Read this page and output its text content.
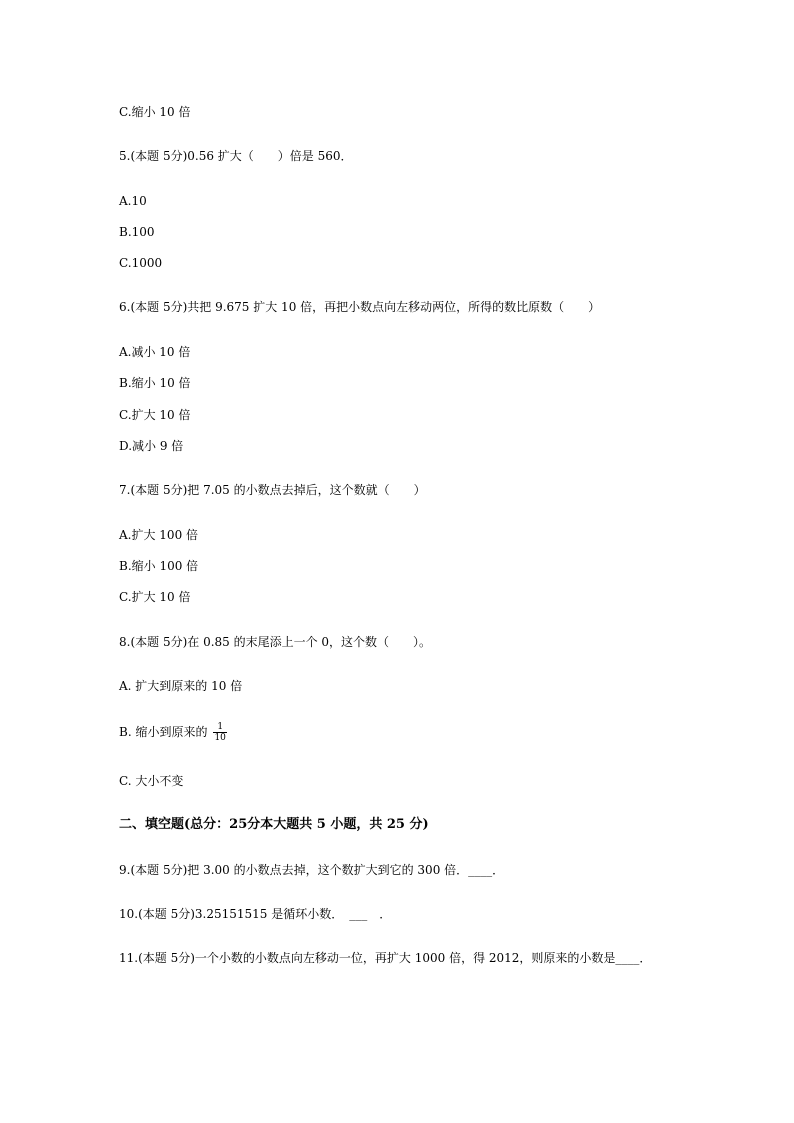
C.缩小 10 倍
5.(本题 5分)0.56 扩大（　　）倍是 560．
A.10
B.100
C.1000
6.(本题 5分)共把 9.675 扩大 10 倍，再把小数点向左移动两位，所得的数比原数（　　）
A.减小 10 倍
B.缩小 10 倍
C.扩大 10 倍
D.减小 9 倍
7.(本题 5分)把 7.05 的小数点去掉后，这个数就（　　）
A.扩大 100 倍
B.缩小 100 倍
C.扩大 10 倍
8.(本题 5分)在 0.85 的末尾添上一个 0，这个数（　　）。
A. 扩大到原来的 10 倍
B. 缩小到原来的 $\frac{1}{10}$
C. 大小不变
二、填空题(总分：25分本大题共 5 小题，共 25 分)
9.(本题 5分)把 3.00 的小数点去掉，这个数扩大到它的 300 倍．____．
10.(本题 5分)3.25151515 是循环小数．　___　．
11.(本题 5分)一个小数的小数点向左移动一位，再扩大 1000 倍，得 2012，则原来的小数是____．
